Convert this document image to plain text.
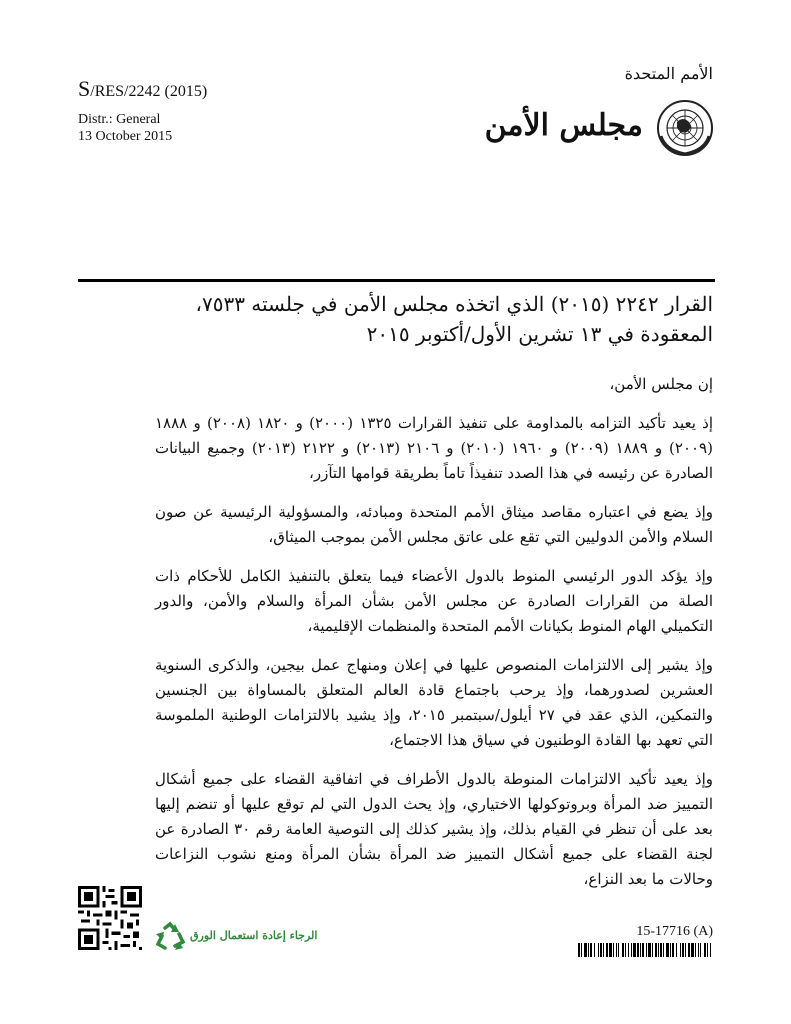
S/RES/2242 (2015)
Distr.: General
13 October 2015
الأمم المتحدة
مجلس الأمن
القرار ٢٢٤٢ (٢٠١٥) الذي اتخذه مجلس الأمن في جلسته ٧٥٣٣،
المعقودة في ١٣ تشرين الأول/أكتوبر ٢٠١٥

إن مجلس الأمن،

إذ يعيد تأكيد التزامه بالمداومة على تنفيذ القرارات ١٣٢٥ (٢٠٠٠) و ١٨٢٠ (٢٠٠٨) و ١٨٨٨ (٢٠٠٩) و ١٨٨٩ (٢٠٠٩) و ١٩٦٠ (٢٠١٠) و ٢١٠٦ (٢٠١٣) و ٢١٢٢ (٢٠١٣) وجميع البيانات الصادرة عن رئيسه في هذا الصدد تنفيذاً تاماً بطريقة قوامها التآزر،

وإذ يضع في اعتباره مقاصد ميثاق الأمم المتحدة ومبادئه، والمسؤولية الرئيسية عن صون السلام والأمن الدوليين التي تقع على عاتق مجلس الأمن بموجب الميثاق،

وإذ يؤكد الدور الرئيسي المنوط بالدول الأعضاء فيما يتعلق بالتنفيذ الكامل للأحكام ذات الصلة من القرارات الصادرة عن مجلس الأمن بشأن المرأة والسلام والأمن، والدور التكميلي الهام المنوط بكيانات الأمم المتحدة والمنظمات الإقليمية،

وإذ يشير إلى الالتزامات المنصوص عليها في إعلان ومنهاج عمل بيجين، والذكرى السنوية العشرين لصدورهما، وإذ يرحب باجتماع قادة العالم المتعلق بالمساواة بين الجنسين والتمكين، الذي عقد في ٢٧ أيلول/سبتمبر ٢٠١٥، وإذ يشيد بالالتزامات الوطنية الملموسة التي تعهد بها القادة الوطنيون في سياق هذا الاجتماع،

وإذ يعيد تأكيد الالتزامات المنوطة بالدول الأطراف في اتفاقية القضاء على جميع أشكال التمييز ضد المرأة وبروتوكولها الاختياري، وإذ يحث الدول التي لم توقع عليها أو تنضم إليها بعد على أن تنظر في القيام بذلك، وإذ يشير كذلك إلى التوصية العامة رقم ٣٠ الصادرة عن لجنة القضاء على جميع أشكال التمييز ضد المرأة بشأن المرأة ومنع نشوب النزاعات وحالات ما بعد النزاع،

الرجاء إعادة استعمال الورق	15-17716 (A)
